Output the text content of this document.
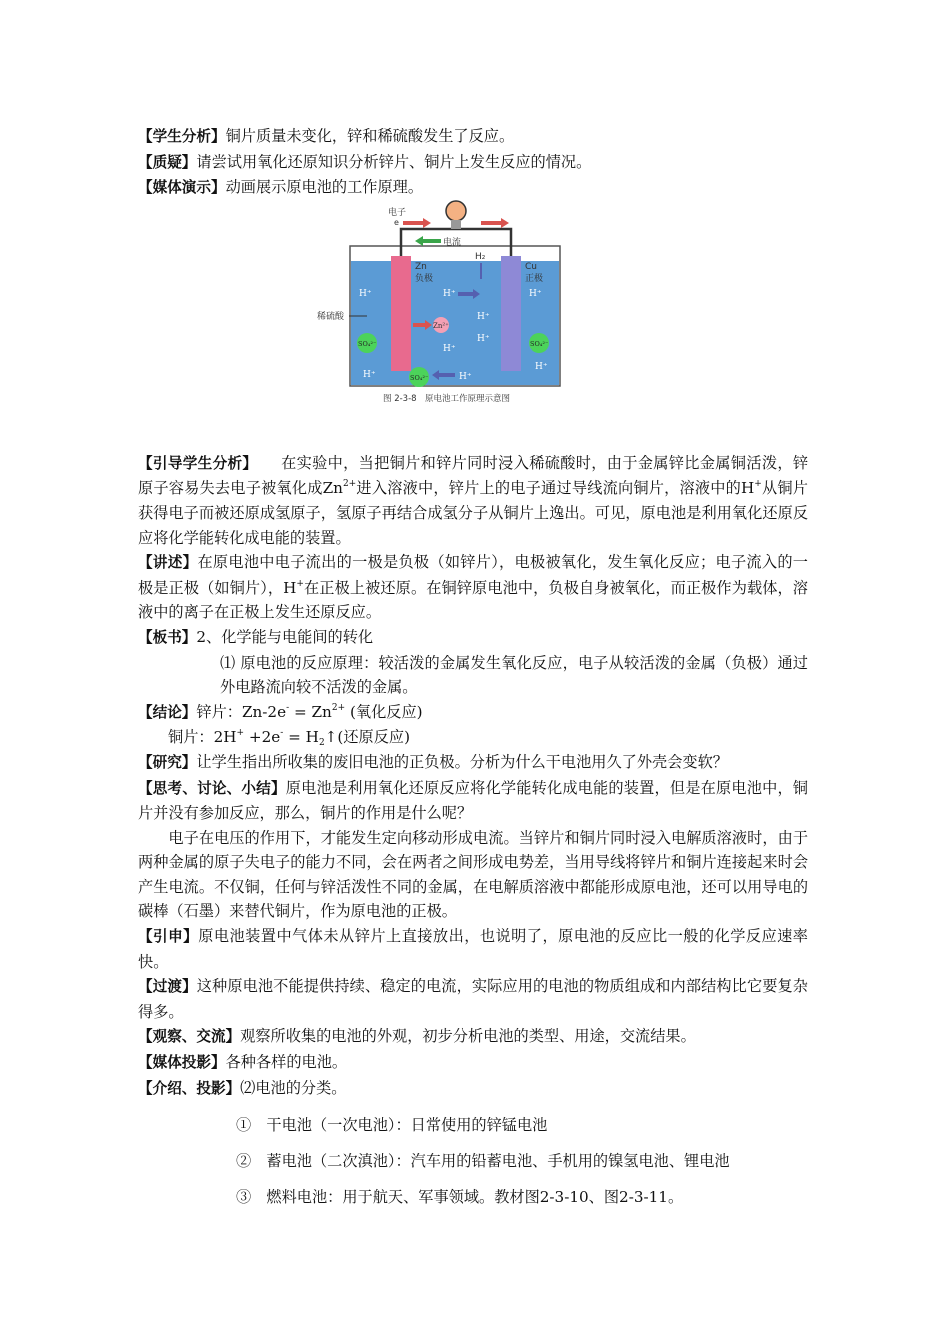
【学生分析】铜片质量未变化，锌和稀硫酸发生了反应。

【质疑】请尝试用氧化还原知识分析锌片、铜片上发生反应的情况。

【媒体演示】动画展示原电池的工作原理。

电子
e
电流
H₂
Zn
负极
Cu
正极
稀硫酸
H⁺	H⁺	H⁺
H⁺
H⁺
H⁺
H⁺
H⁺
Zn²⁺
SO₄²⁻	SO₄²⁻
SO₄²⁻	H⁺
图 2-3-8　原电池工作原理示意图

【引导学生分析】　　 在实验中，当把铜片和锌片同时浸入稀硫酸时，由于金属锌比金属铜活泼，锌原子容易失去电子被氧化成$Zn^{2+}$进入溶液中，锌片上的电子通过导线流向铜片，溶液中的H+从铜片获得电子而被还原成氢原子，氢原子再结合成氢分子从铜片上逸出。可见，原电池是利用氧化还原反应将化学能转化成电能的装置。

【讲述】在原电池中电子流出的一极是负极（如锌片），电极被氧化，发生氧化反应；电子流入的一极是正极（如铜片），H+在正极上被还原。在铜锌原电池中，负极自身被氧化，而正极作为载体，溶液中的离子在正极上发生还原反应。

【板书】2、化学能与电能间的转化

⑴ 原电池的反应原理：较活泼的金属发生氧化反应，电子从较活泼的金属（负极）通过外电路流向较不活泼的金属。

【结论】锌片：$Zn-2e^- = Zn^{2+}$ (氧化反应)

铜片：$2H^+ +2e^- = H_2↑$(还原反应)

【研究】让学生指出所收集的废旧电池的正负极。分析为什么干电池用久了外壳会变软？

【思考、讨论、小结】原电池是利用氧化还原反应将化学能转化成电能的装置，但是在原电池中，铜片并没有参加反应，那么，铜片的作用是什么呢？

电子在电压的作用下，才能发生定向移动形成电流。当锌片和铜片同时浸入电解质溶液时，由于两种金属的原子失电子的能力不同，会在两者之间形成电势差，当用导线将锌片和铜片连接起来时会产生电流。不仅铜，任何与锌活泼性不同的金属，在电解质溶液中都能形成原电池，还可以用导电的碳棒（石墨）来替代铜片，作为原电池的正极。

【引申】原电池装置中气体未从锌片上直接放出，也说明了，原电池的反应比一般的化学反应速率快。

【过渡】这种原电池不能提供持续、稳定的电流，实际应用的电池的物质组成和内部结构比它要复杂得多。

【观察、交流】观察所收集的电池的外观，初步分析电池的类型、用途，交流结果。

【媒体投影】各种各样的电池。

【介绍、投影】⑵电池的分类。

①　 干电池（一次电池）：日常使用的锌锰电池
②　 蓄电池（二次滇池）：汽车用的铅蓄电池、手机用的镍氢电池、锂电池
③　 燃料电池：用于航天、军事领域。教材图2-3-10、图2-3-11。
